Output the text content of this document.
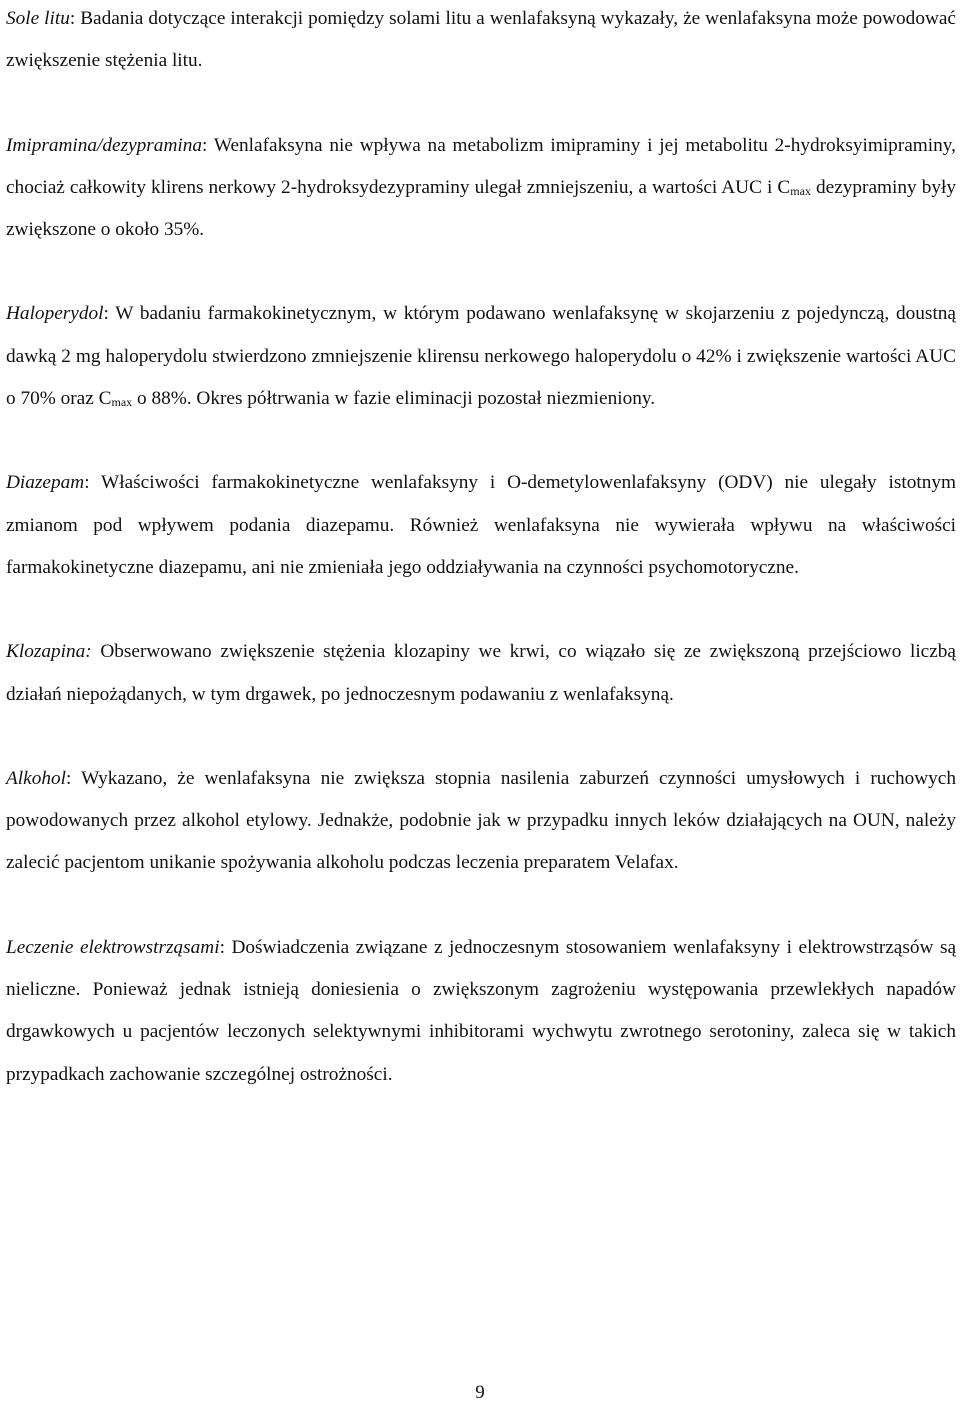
Sole litu: Badania dotyczące interakcji pomiędzy solami litu a wenlafaksyną wykazały, że wenlafaksyna może powodować zwiększenie stężenia litu.

Imipramina/dezypramina: Wenlafaksyna nie wpływa na metabolizm imipraminy i jej metabolitu 2-hydroksyimipraminy, chociaż całkowity klirens nerkowy 2-hydroksydezypraminy ulegał zmniejszeniu, a wartości AUC i $C_{max}$ dezypraminy były zwiększone o około 35%.

Haloperydol: W badaniu farmakokinetycznym, w którym podawano wenlafaksynę w skojarzeniu z pojedynczą, doustną dawką 2 mg haloperydolu stwierdzono zmniejszenie klirensu nerkowego haloperydolu o 42% i zwiększenie wartości AUC o 70% oraz $C_{max}$ o 88%. Okres półtrwania w fazie eliminacji pozostał niezmieniony.

Diazepam: Właściwości farmakokinetyczne wenlafaksyny i O-demetylowenlafaksyny (ODV) nie ulegały istotnym zmianom pod wpływem podania diazepamu. Również wenlafaksyna nie wywierała wpływu na właściwości farmakokinetyczne diazepamu, ani nie zmieniała jego oddziaływania na czynności psychomotoryczne.

Klozapina: Obserwowano zwiększenie stężenia klozapiny we krwi, co wiązało się ze zwiększoną przejściowo liczbą działań niepożądanych, w tym drgawek, po jednoczesnym podawaniu z wenlafaksyną.

Alkohol: Wykazano, że wenlafaksyna nie zwiększa stopnia nasilenia zaburzeń czynności umysłowych i ruchowych powodowanych przez alkohol etylowy. Jednakże, podobnie jak w przypadku innych leków działających na OUN, należy zalecić pacjentom unikanie spożywania alkoholu podczas leczenia preparatem Velafax.

Leczenie elektrowstrząsami: Doświadczenia związane z jednoczesnym stosowaniem wenlafaksyny i elektrowstrząsów są nieliczne. Ponieważ jednak istnieją doniesienia o zwiększonym zagrożeniu występowania przewlekłych napadów drgawkowych u pacjentów leczonych selektywnymi inhibitorami wychwytu zwrotnego serotoniny, zaleca się w takich przypadkach zachowanie szczególnej ostrożności.

9
